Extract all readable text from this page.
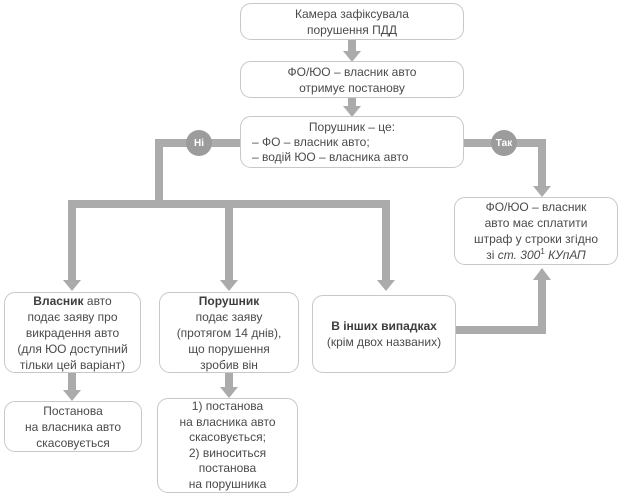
Камера зафіксувала
порушення ПДД
ФО/ЮО – власник авто
отримує постанову
Порушник – це:
– ФО – власник авто;
– водій ЮО – власника авто
Ні	Так
ФО/ЮО – власник
авто має сплатити
штраф у строки згідно
зі ст. $300^1$ КУпАП
Власник авто
подає заяву про
викрадення авто
(для ЮО доступний
тільки цей варіант)
Порушник
подає заяву
(протягом 14 днів),
що порушення
зробив він
В інших випадках
(крім двох названих)
Постанова
на власника авто
скасовується
1) постанова
на власника авто
скасовується;
2) виноситься
постанова
на порушника
